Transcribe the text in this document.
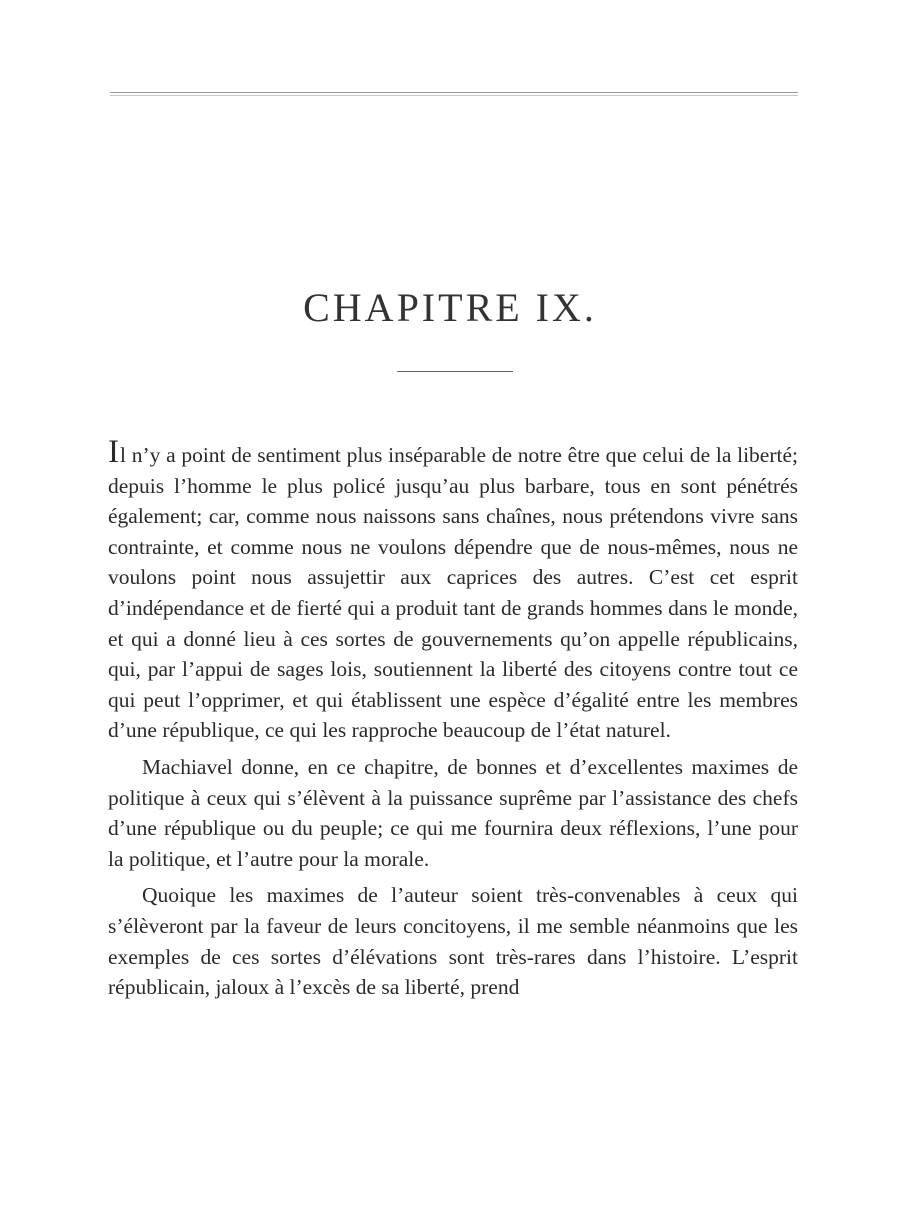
CHAPITRE IX.

Il n’y a point de sentiment plus inséparable de notre être que celui de la liberté; depuis l’homme le plus policé jusqu’au plus barbare, tous en sont pénétrés également; car, comme nous naissons sans chaînes, nous prétendons vivre sans contrainte, et comme nous ne voulons dépendre que de nous-mêmes, nous ne voulons point nous assujettir aux caprices des autres. C’est cet esprit d’indépendance et de fierté qui a produit tant de grands hommes dans le monde, et qui a donné lieu à ces sortes de gouvernements qu’on appelle républicains, qui, par l’appui de sages lois, soutiennent la liberté des citoyens contre tout ce qui peut l’opprimer, et qui établissent une espèce d’égalité entre les membres d’une république, ce qui les rapproche beaucoup de l’état naturel.

Machiavel donne, en ce chapitre, de bonnes et d’excellentes maximes de politique à ceux qui s’élèvent à la puissance suprême par l’assistance des chefs d’une république ou du peuple; ce qui me fournira deux réflexions, l’une pour la politique, et l’autre pour la morale.

Quoique les maximes de l’auteur soient très-convenables à ceux qui s’élèveront par la faveur de leurs concitoyens, il me semble néanmoins que les exemples de ces sortes d’élévations sont très-rares dans l’histoire. L’esprit républicain, jaloux à l’excès de sa liberté, prend
